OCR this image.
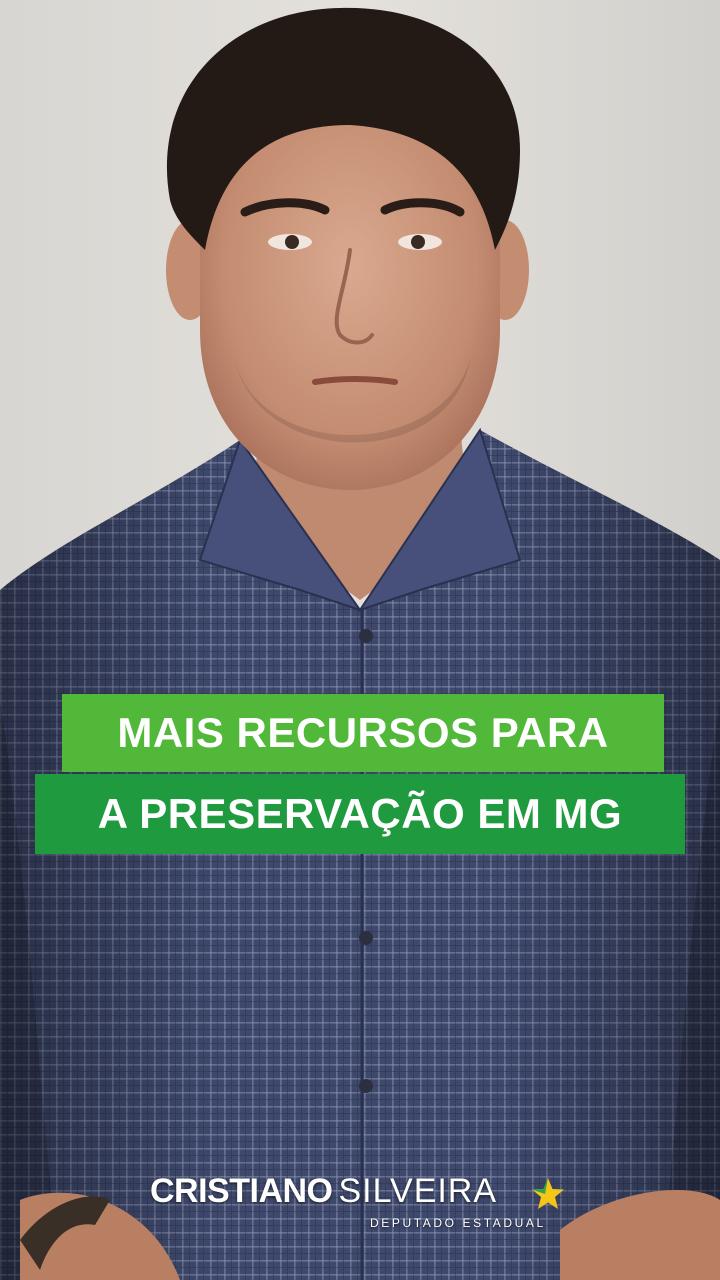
MAIS RECURSOS PARA
A PRESERVAÇÃO EM MG
CRISTIANO SILVEIRA
DEPUTADO ESTADUAL
